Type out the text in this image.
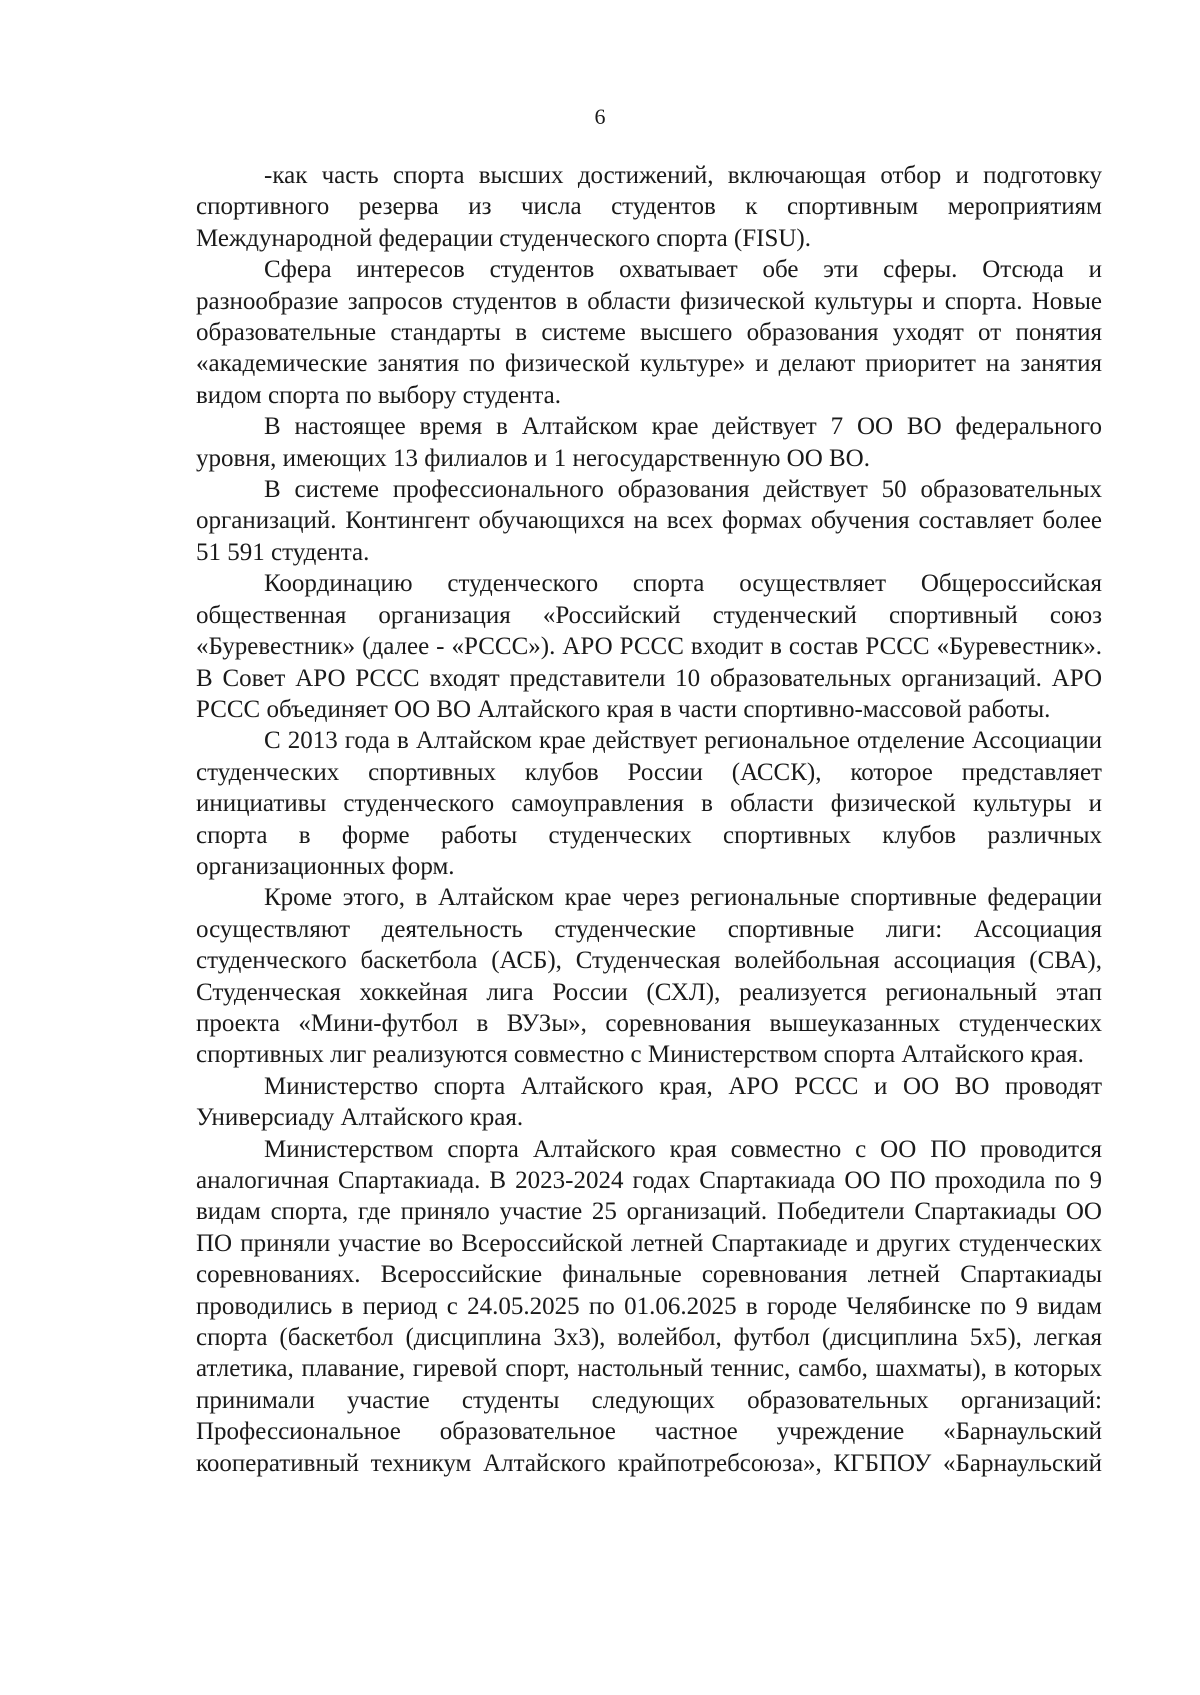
6

-как часть спорта высших достижений, включающая отбор и подготовку спортивного резерва из числа студентов к спортивным мероприятиям Международной федерации студенческого спорта (FISU).

Сфера интересов студентов охватывает обе эти сферы. Отсюда и разнообразие запросов студентов в области физической культуры и спорта. Новые образовательные стандарты в системе высшего образования уходят от понятия «академические занятия по физической культуре» и делают приоритет на занятия видом спорта по выбору студента.

В настоящее время в Алтайском крае действует 7 ОО ВО федерального уровня, имеющих 13 филиалов и 1 негосударственную ОО ВО.

В системе профессионального образования действует 50 образовательных организаций. Контингент обучающихся на всех формах обучения составляет более 51 591 студента.

Координацию студенческого спорта осуществляет Общероссийская общественная организация «Российский студенческий спортивный союз «Буревестник» (далее - «РССС»). АРО РССС входит в состав РССС «Буревестник». В Совет АРО РССС входят представители 10 образовательных организаций. АРО РССС объединяет ОО ВО Алтайского края в части спортивно-массовой работы.

С 2013 года в Алтайском крае действует региональное отделение Ассоциации студенческих спортивных клубов России (АССК), которое представляет инициативы студенческого самоуправления в области физической культуры и спорта в форме работы студенческих спортивных клубов различных организационных форм.

Кроме этого, в Алтайском крае через региональные спортивные федерации осуществляют деятельность студенческие спортивные лиги: Ассоциация студенческого баскетбола (АСБ), Студенческая волейбольная ассоциация (СВА), Студенческая хоккейная лига России (СХЛ), реализуется региональный этап проекта «Мини-футбол в ВУЗы», соревнования вышеуказанных студенческих спортивных лиг реализуются совместно с Министерством спорта Алтайского края.

Министерство спорта Алтайского края, АРО РССС и ОО ВО проводят Универсиаду Алтайского края.

Министерством спорта Алтайского края совместно с ОО ПО проводится аналогичная Спартакиада. В 2023-2024 годах Спартакиада ОО ПО проходила по 9 видам спорта, где приняло участие 25 организаций. Победители Спартакиады ОО ПО приняли участие во Всероссийской летней Спартакиаде и других студенческих соревнованиях. Всероссийские финальные соревнования летней Спартакиады проводились в период с 24.05.2025 по 01.06.2025 в городе Челябинске по 9 видам спорта (баскетбол (дисциплина 3х3), волейбол, футбол (дисциплина 5х5), легкая атлетика, плавание, гиревой спорт, настольный теннис, самбо, шахматы), в которых принимали участие студенты следующих образовательных организаций: Профессиональное образовательное частное учреждение «Барнаульский кооперативный техникум Алтайского крайпотребсоюза», КГБПОУ «Барнаульский
